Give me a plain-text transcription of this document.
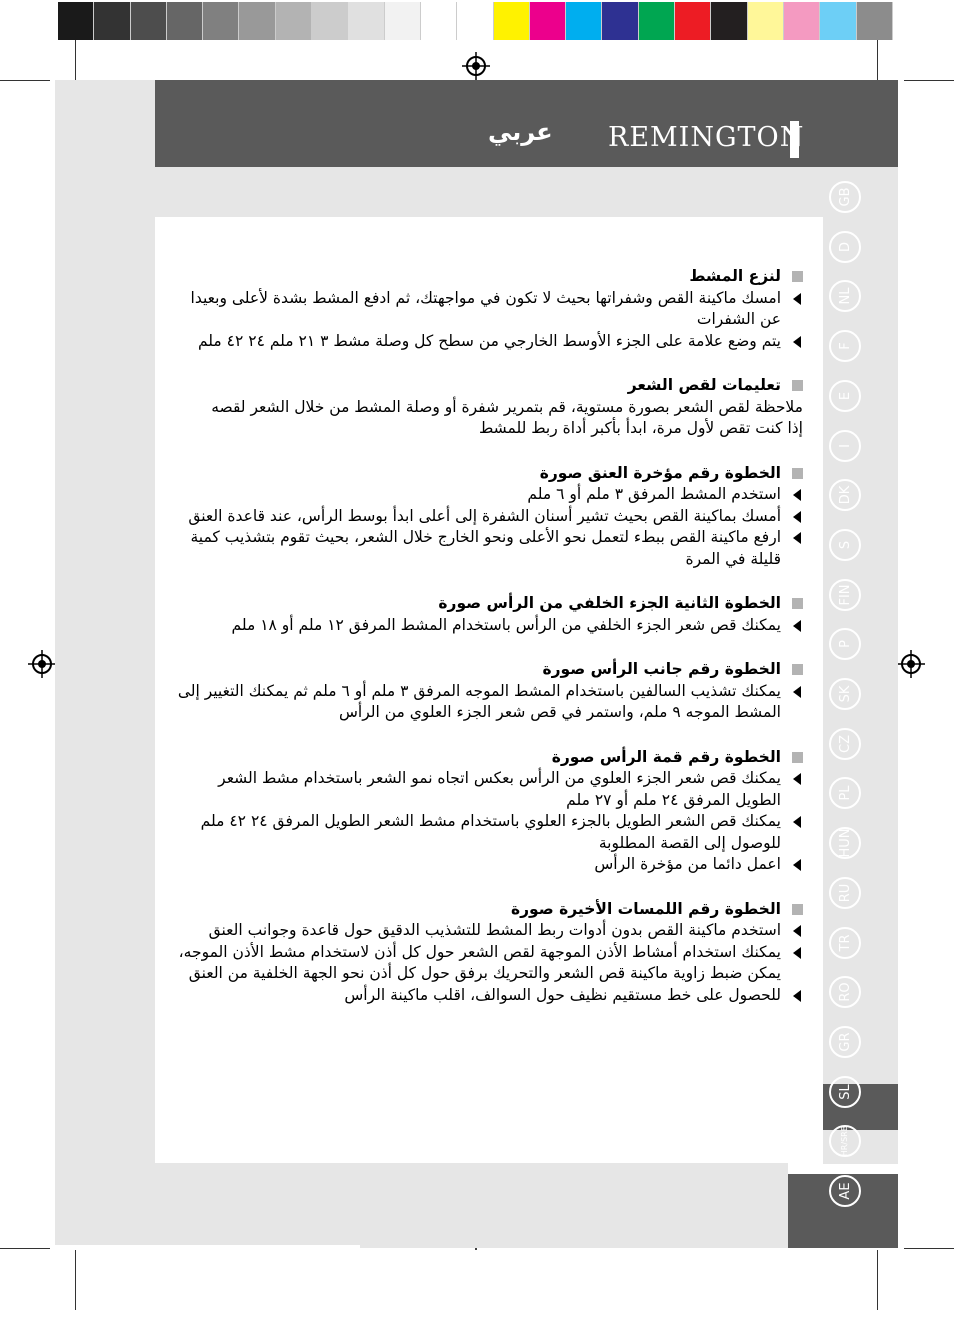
REMINGTON
عربي
GB
D
NL
F
E
I
DK
S
FIN
P
SK
CZ
PL
HUN
RU
TR
RO
GR
SL
HR/SRB
AE
لنزع المشط
امسك ماكينة القص وشفراتها بحيث لا تكون في مواجهتك، ثم ادفع المشط بشدة لأعلى وبعيدا عن الشفرات
يتم وضع علامة على الجزء الأوسط الخارجي من سطح كل وصلة مشط ٣ ٢١ ملم ٢٤ ٤٢ ملم
تعليمات لقص الشعر
ملاحظة لقص الشعر بصورة مستوية، قم بتمرير شفرة أو وصلة المشط من خلال الشعر لقصه
إذا كنت تقص لأول مرة، ابدأ بأكبر أداة ربط للمشط
الخطوة رقم مؤخرة العنق صورة
استخدم المشط المرفق ٣ ملم أو ٦ ملم
أمسك بماكينة القص بحيث تشير أسنان الشفرة إلى أعلى ابدأ بوسط الرأس، عند قاعدة العنق
ارفع ماكينة القص ببطء لتعمل نحو الأعلى ونحو الخارج خلال الشعر، بحيث تقوم بتشذيب كمية قليلة في المرة
الخطوة الثانية الجزء الخلفي من الرأس صورة
يمكنك قص شعر الجزء الخلفي من الرأس باستخدام المشط المرفق ١٢ ملم أو ١٨ ملم
الخطوة رقم جانب الرأس صورة
يمكنك تشذيب السالفين باستخدام المشط الموجه المرفق ٣ ملم أو ٦ ملم ثم يمكنك التغيير إلى المشط الموجه ٩ ملم، واستمر في قص شعر الجزء العلوي من الرأس
الخطوة رقم قمة الرأس صورة
يمكنك قص شعر الجزء العلوي من الرأس بعكس اتجاه نمو الشعر باستخدام مشط الشعر الطويل المرفق ٢٤ ملم أو ٢٧ ملم
يمكنك قص الشعر الطويل بالجزء العلوي باستخدام مشط الشعر الطويل المرفق ٢٤ ٤٢ ملم للوصول إلى القصة المطلوبة
اعمل دائما من مؤخرة الرأس
الخطوة رقم اللمسات الأخيرة صورة
استخدم ماكينة القص بدون أدوات ربط المشط للتشذيب الدقيق حول قاعدة وجوانب العنق
يمكنك استخدام أمشاط الأذن الموجهة لقص الشعر حول كل أذن لاستخدام مشط الأذن الموجه، يمكن ضبط زاوية ماكينة قص الشعر والتحريك برفق حول كل أذن نحو الجهة الخلفية من العنق
للحصول على خط مستقيم نظيف حول السوالف، اقلب ماكينة الرأس
